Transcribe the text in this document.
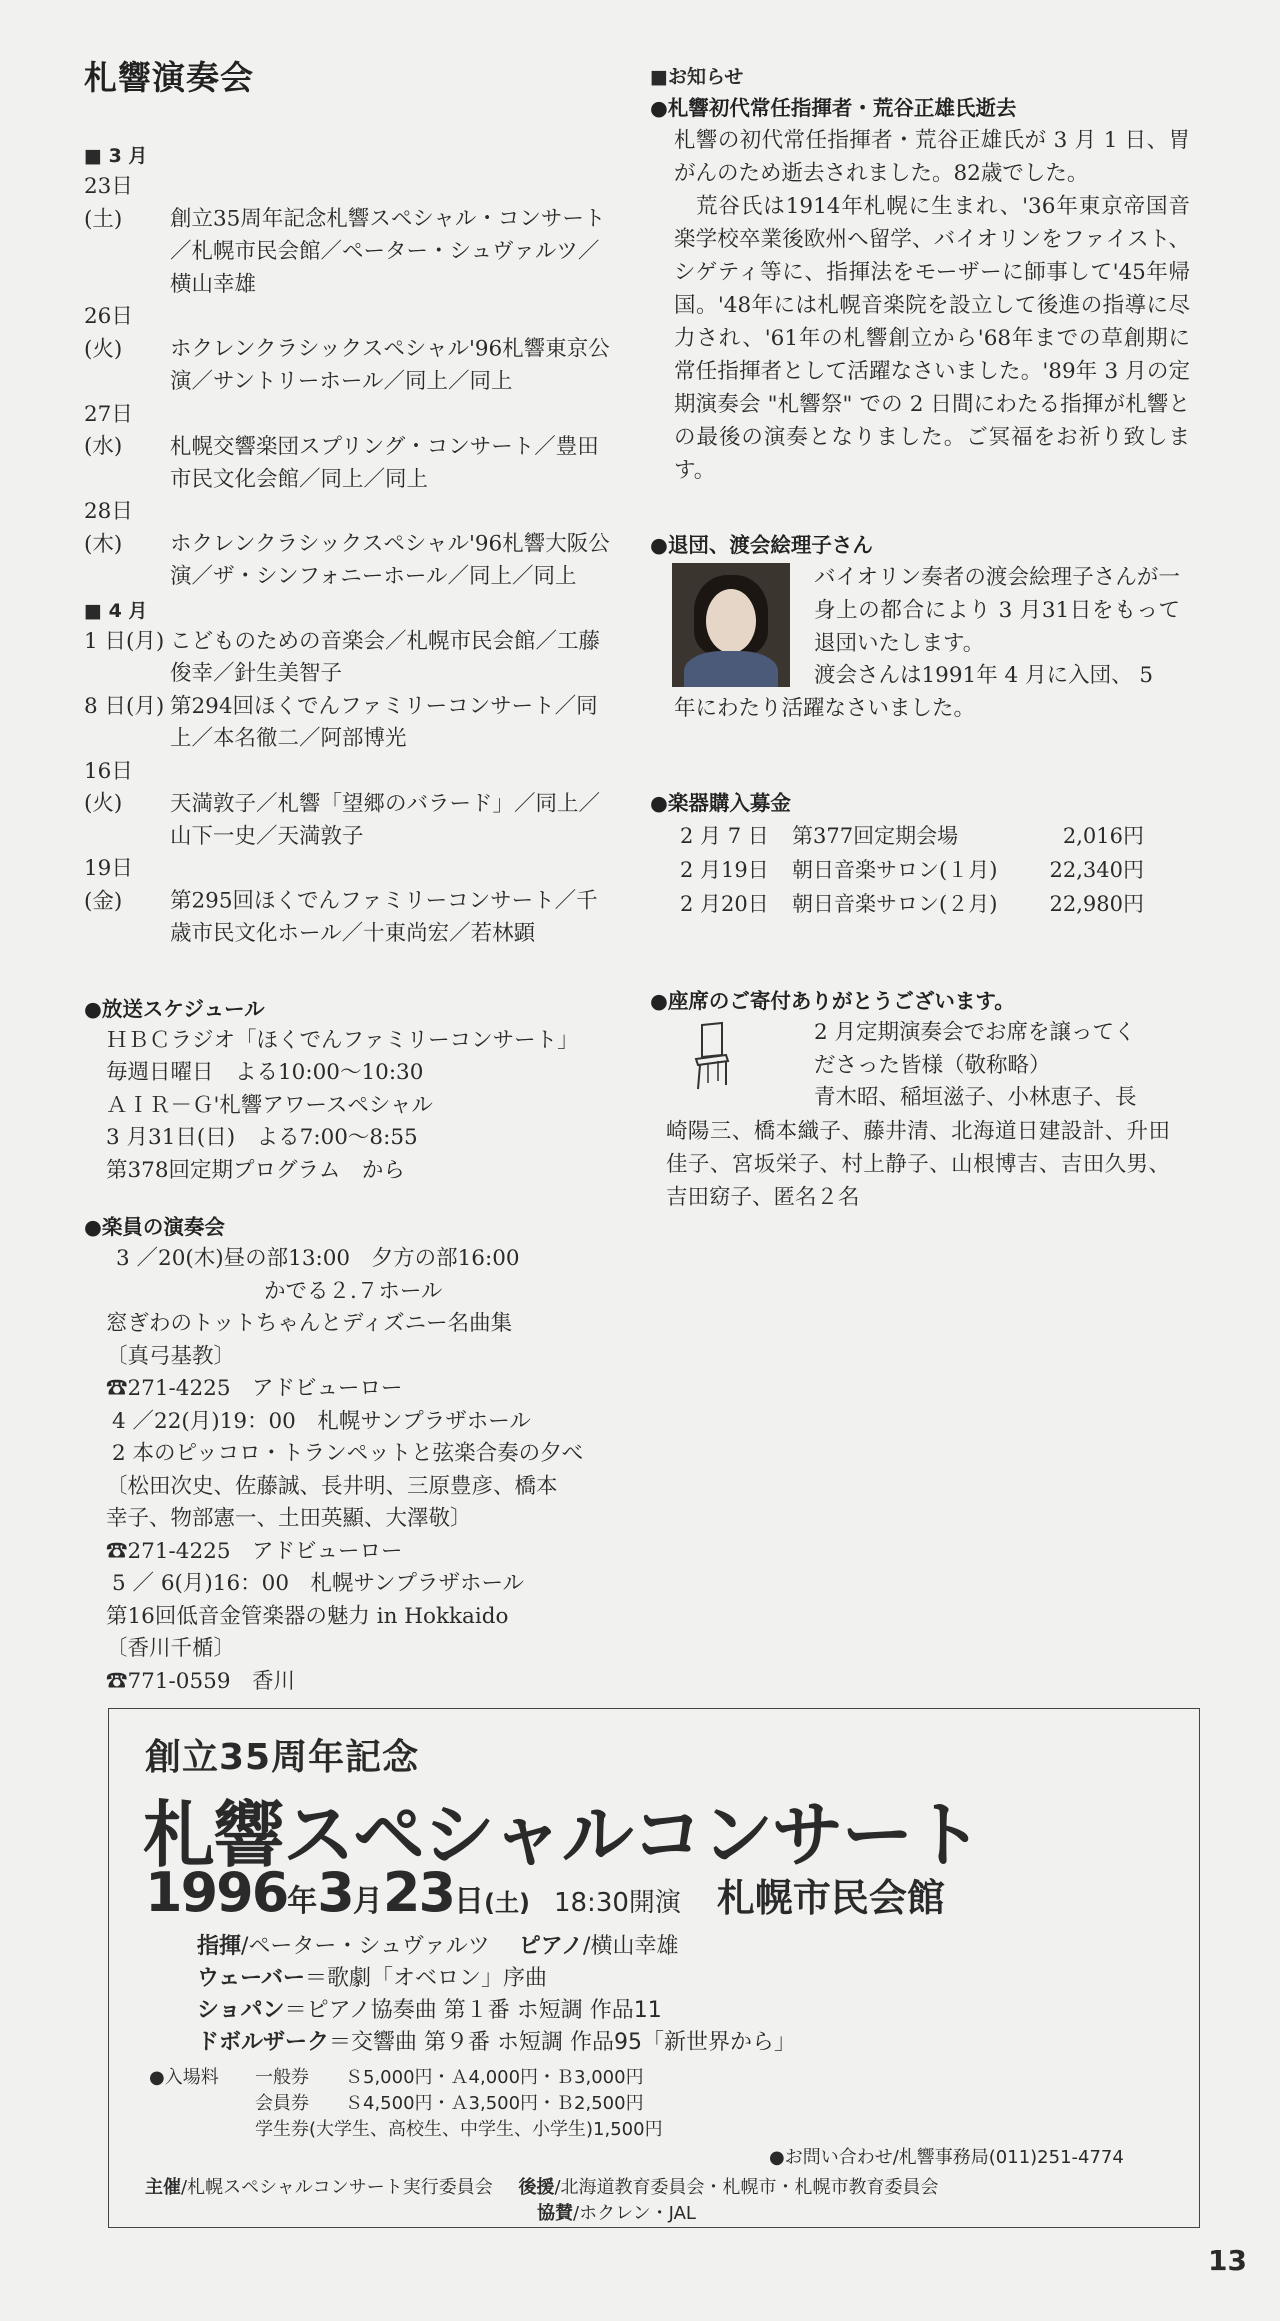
札響演奏会
■ 3 月
23日(土) 創立35周年記念札響スペシャル・コンサート／札幌市民会館／ペーター・シュヴァルツ／横山幸雄
26日(火) ホクレンクラシックスペシャル'96札響東京公演／サントリーホール／同上／同上
27日(水) 札幌交響楽団スプリング・コンサート／豊田市民文化会館／同上／同上
28日(木) ホクレンクラシックスペシャル'96札響大阪公演／ザ・シンフォニーホール／同上／同上
■ 4 月
1 日(月) こどものための音楽会／札幌市民会館／工藤俊幸／針生美智子
8 日(月) 第294回ほくでんファミリーコンサート／同上／本名徹二／阿部博光
16日(火) 天満敦子／札響「望郷のバラード」／同上／山下一史／天満敦子
19日(金) 第295回ほくでんファミリーコンサート／千歳市民文化ホール／十東尚宏／若林顕
●放送スケジュール
ＨＢＣラジオ「ほくでんファミリーコンサート」
毎週日曜日　よる10:00～10:30
ＡＩＲ－Ｇ'札響アワースペシャル
3 月31日(日)　よる7:00～8:55
第378回定期プログラム　から
●楽員の演奏会
3 ／20(木)昼の部13:00　夕方の部16:00
かでる２.７ホール
窓ぎわのトットちゃんとディズニー名曲集
〔真弓基教〕
☎271-4225　アドビューロー
4 ／22(月)19：00　札幌サンプラザホール
2 本のピッコロ・トランペットと弦楽合奏の夕べ
〔松田次史、佐藤誠、長井明、三原豊彦、橋本
幸子、物部憲一、土田英顯、大澤敬〕
☎271-4225　アドビューロー
5 ／ 6(月)16：00　札幌サンプラザホール
第16回低音金管楽器の魅力 in Hokkaido
〔香川千楯〕
☎771-0559　香川
■お知らせ
●札響初代常任指揮者・荒谷正雄氏逝去
札響の初代常任指揮者・荒谷正雄氏が 3 月 1 日、胃がんのため逝去されました。82歳でした。
荒谷氏は1914年札幌に生まれ、'36年東京帝国音楽学校卒業後欧州へ留学、バイオリンをファイスト、シゲティ等に、指揮法をモーザーに師事して'45年帰国。'48年には札幌音楽院を設立して後進の指導に尽力され、'61年の札響創立から'68年までの草創期に常任指揮者として活躍なさいました。'89年 3 月の定期演奏会 "札響祭" での 2 日間にわたる指揮が札響との最後の演奏となりました。ご冥福をお祈り致します。
●退団、渡会絵理子さん
バイオリン奏者の渡会絵理子さんが一身上の都合により 3 月31日をもって退団いたします。
渡会さんは1991年 4 月に入団、 5
年にわたり活躍なさいました。
●楽器購入募金
2 月 7 日	第377回定期会場	2,016円
2 月19日	朝日音楽サロン(１月)	22,340円
2 月20日	朝日音楽サロン(２月)	22,980円
●座席のご寄付ありがとうございます。
2 月定期演奏会でお席を譲ってく
ださった皆様（敬称略）
青木昭、稲垣滋子、小林恵子、長
崎陽三、橋本織子、藤井清、北海道日建設計、升田佳子、宮坂栄子、村上静子、山根博吉、吉田久男、吉田窈子、匿名２名
創立35周年記念
札響スペシャルコンサート
1996 年 3 月 23 日 (土) 18:30開演 札幌市民会館
指揮/ペーター・シュヴァルツ ピアノ/横山幸雄
ウェーバー＝歌劇「オベロン」序曲
ショパン＝ピアノ協奏曲 第１番 ホ短調 作品11
ドボルザーク＝交響曲 第９番 ホ短調 作品95「新世界から」
●入場料	一般券	Ｓ5,000円・Ａ4,000円・Ｂ3,000円
会員券	Ｓ4,500円・Ａ3,500円・Ｂ2,500円
学生券 (大学生、高校生、中学生、小学生)1,500円
●お問い合わせ/札響事務局(011)251-4774
主催/札幌スペシャルコンサート実行委員会 後援/北海道教育委員会・札幌市・札幌市教育委員会
協賛/ホクレン・JAL
13
